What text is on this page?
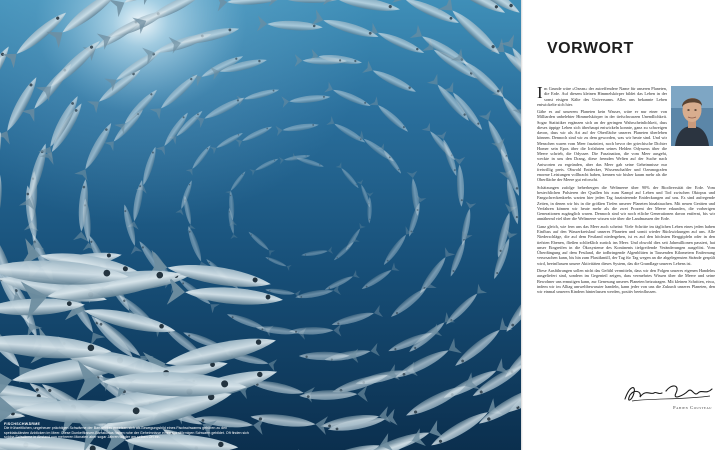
VORWORT

Im Grunde wäre »Ozean« der zutreffendere Name für unseren Planeten, die Erde. Auf diesem kleinen Himmelskörper bildet das Leben in der sonst eisigen Kälte des Universums. Alles uns bekannte Leben entwickelte sich hier.

Gäbe es auf unserem Planeten kein Wasser, wäre er nur einer von Milliarden unbelebter Himmelskörper in der tiefschwarzen Unendlichkeit. Sogar Statistiker ergänzen sich an der geringen Wahrscheinlichkeit, dass dieses üppige Leben sich überhaupt entwickeln konnte, ganz zu schweigen davon, dass wir als Art auf der Oberfläche unseres Planeten überleben können. Dennoch sind wir zu dem geworden, was wir heute sind. Und wir Menschen waren vom Meer fasziniert, noch bevor der griechische Dichter Homer sein Epos über die Irrfahrten seines Helden Odysseus über die Meere schrieb, die Odyssee. Die Faszination, die vom Meer ausgeht, weckte in uns den Drang, diese fremden Welten auf der Suche nach Antworten zu ergründen, aber das Meer gab seine Geheimnisse nur freiwillig preis. Obwohl Entdecker, Wissenschaftler und Ozeanografen enorme Leistungen vollbracht haben, kennen wir bisher kaum mehr als die Oberfläche der Meere gut erforscht.

Schätzungen zufolge beherbergen die Weltmeere über 90% der Biodiversität der Erde. Vom bestechlichen Pulsieren der Quallen bis zum Kampf auf Leben und Tod zwischen Oktopus und Fangschreckenkrebs warten hier jeden Tag faszinierende Entdeckungen auf uns. Es sind aufregende Zeiten, in denen wir bis in die größten Tiefen unserer Planeten hinabtauchen. Mit neuen Geräten und Verfahren können wir heute mehr als die zwei Prozent der Meere erkunden, die vorherigen Generationen zugänglich waren. Dennoch sind wir noch etliche Generationen davon entfernt, bis wir annähernd viel über die Weltmeere wissen wie über die Landmassen der Erde.

Ganz gleich, wie fern uns das Meer auch scheint: Viele Schritte im täglichen Leben eines jeden haben Einfluss auf den Wasserkreislauf unseres Planeten und somit wieder Rückwirkungen auf uns. Alle Niederschläge, die auf dem Festland niedergehen, ist es auf den höchsten Berggipfeln oder in den tiefsten Ebenen, fließen schließlich zurück ins Meer. Und obwohl dies seit Jahrmillionen passiert, hat unser Eingreifen in die Ökosysteme des Kontinents tiefgreifende Veränderungen ausgelöst. Vom Überdüngung auf dem Festland, die todbringende Algenblüten in Tausenden Kilometern Entfernung verursachen kann, bis hin zum Plastikmüll, der Tag für Tag wegen an die abgelegensten Strände gespült wird, beeinflussen unsere Aktivitäten dieses System, das die Grundlage unseres Lebens ist.

Diese Ausführungen sollen nicht das Gefühl vermitteln, dass wir den Folgen unseres eigenen Handelns ausgeliefert sind, sondern im Gegenteil zeigen, dass vermehrtes Wissen über die Meere und seine Bewohner uns ermutigen kann, zur Genesung unseres Planeten beizutragen. Mit kleinen Schritten, etwa, indem wir im Alltag umweltbewusster handeln, kann jeder von uns die Zukunft unseres Planeten, den wir einmal unseren Kindern hinterlassen werden, positiv beeinflussen.

Fabien Cousteau
FISCHSCHWÄRME
Die frühzeitlichen, ungeheuer prächtigen Schwärme der Barrakudas erweisen sich als Bewegungsbild eines Fischschwarms gehören zu den spektakulärsten Anblicken im Meer. Diese Dunkelflossen-Barrakudas haben ruhe der Geheimnisse einen spiralförmigen Schwarm gebildet. Oft finden sich solche Schwärme in Abstand von mehreren Monaten aber sogar Jahren wieder am selben Ort ein.
